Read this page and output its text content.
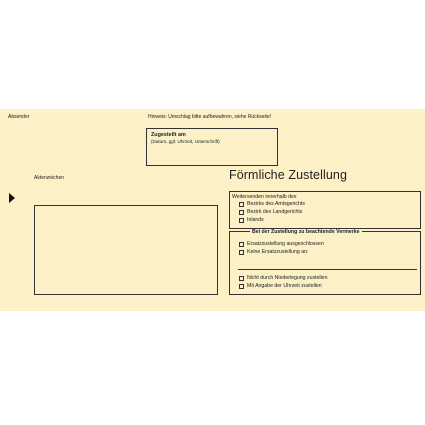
Absender	Hinweis: Umschlag bitte aufbewahren, siehe Rückseite!
Zugestellt am
(Datum, ggf. Uhrzeit, Unterschrift)
Aktenzeichen	Förmliche Zustellung
Weitersenden innerhalb des
Bezirks des Amtsgerichts
Bezirk des Landgerichts
Inlands
Bei der Zustellung zu beachtende Vermerke
Ersatzzustellung ausgeschlossen
Keine Ersatzzustellung an:
Nicht durch Niederlegung zustellen
Mit Angabe der Uhrzeit zustellen
